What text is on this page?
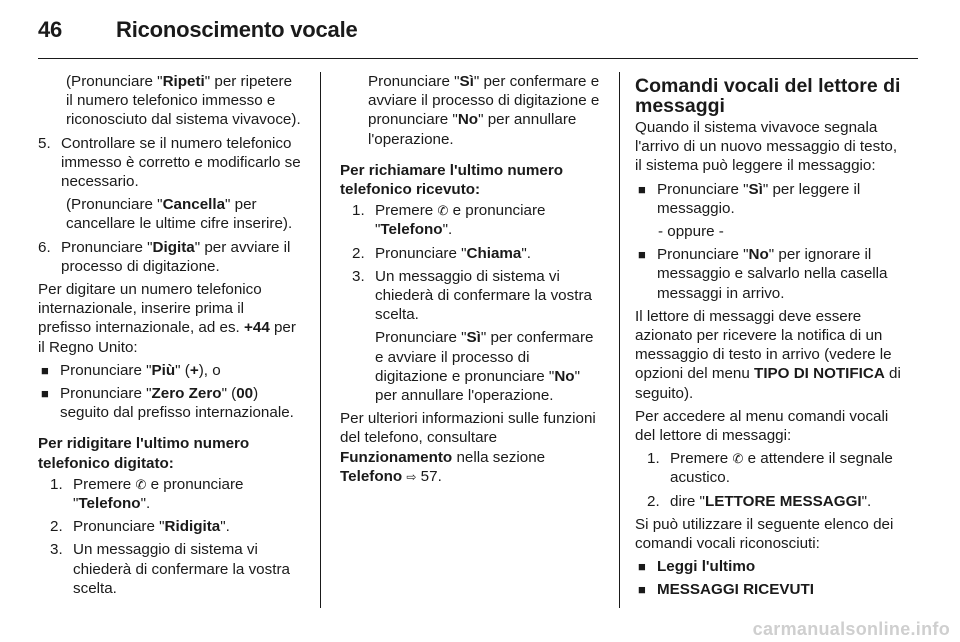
46 Riconoscimento vocale
(Pronunciare "Ripeti" per ripetere il numero telefonico immesso e riconosciuto dal sistema vivavoce).
5. Controllare se il numero telefonico immesso è corretto e modificarlo se necessario.
(Pronunciare "Cancella" per cancellare le ultime cifre inserire).
6. Pronunciare "Digita" per avviare il processo di digitazione.
Per digitare un numero telefonico internazionale, inserire prima il prefisso internazionale, ad es. +44 per il Regno Unito:
■ Pronunciare "Più" (+), o
■ Pronunciare "Zero Zero" (00) seguito dal prefisso internazionale.
Per ridigitare l'ultimo numero telefonico digitato:
1. Premere ✆ e pronunciare "Telefono".
2. Pronunciare "Ridigita".
3. Un messaggio di sistema vi chiederà di confermare la vostra scelta.
Pronunciare "Sì" per confermare e avviare il processo di digitazione e pronunciare "No" per annullare l'operazione.
Per richiamare l'ultimo numero telefonico ricevuto:
1. Premere ✆ e pronunciare "Telefono".
2. Pronunciare "Chiama".
3. Un messaggio di sistema vi chiederà di confermare la vostra scelta.
Pronunciare "Sì" per confermare e avviare il processo di digitazione e pronunciare "No" per annullare l'operazione.
Per ulteriori informazioni sulle funzioni del telefono, consultare Funzionamento nella sezione Telefono ⇨ 57.
Comandi vocali del lettore di messaggi
Quando il sistema vivavoce segnala l'arrivo di un nuovo messaggio di testo, il sistema può leggere il messaggio:
■ Pronunciare "Sì" per leggere il messaggio.
- oppure -
■ Pronunciare "No" per ignorare il messaggio e salvarlo nella casella messaggi in arrivo.
Il lettore di messaggi deve essere azionato per ricevere la notifica di un messaggio di testo in arrivo (vedere le opzioni del menu TIPO DI NOTIFICA di seguito).
Per accedere al menu comandi vocali del lettore di messaggi:
1. Premere ✆ e attendere il segnale acustico.
2. dire "LETTORE MESSAGGI".
Si può utilizzare il seguente elenco dei comandi vocali riconosciuti:
■ Leggi l'ultimo
■ MESSAGGI RICEVUTI
carmanualsonline.info
